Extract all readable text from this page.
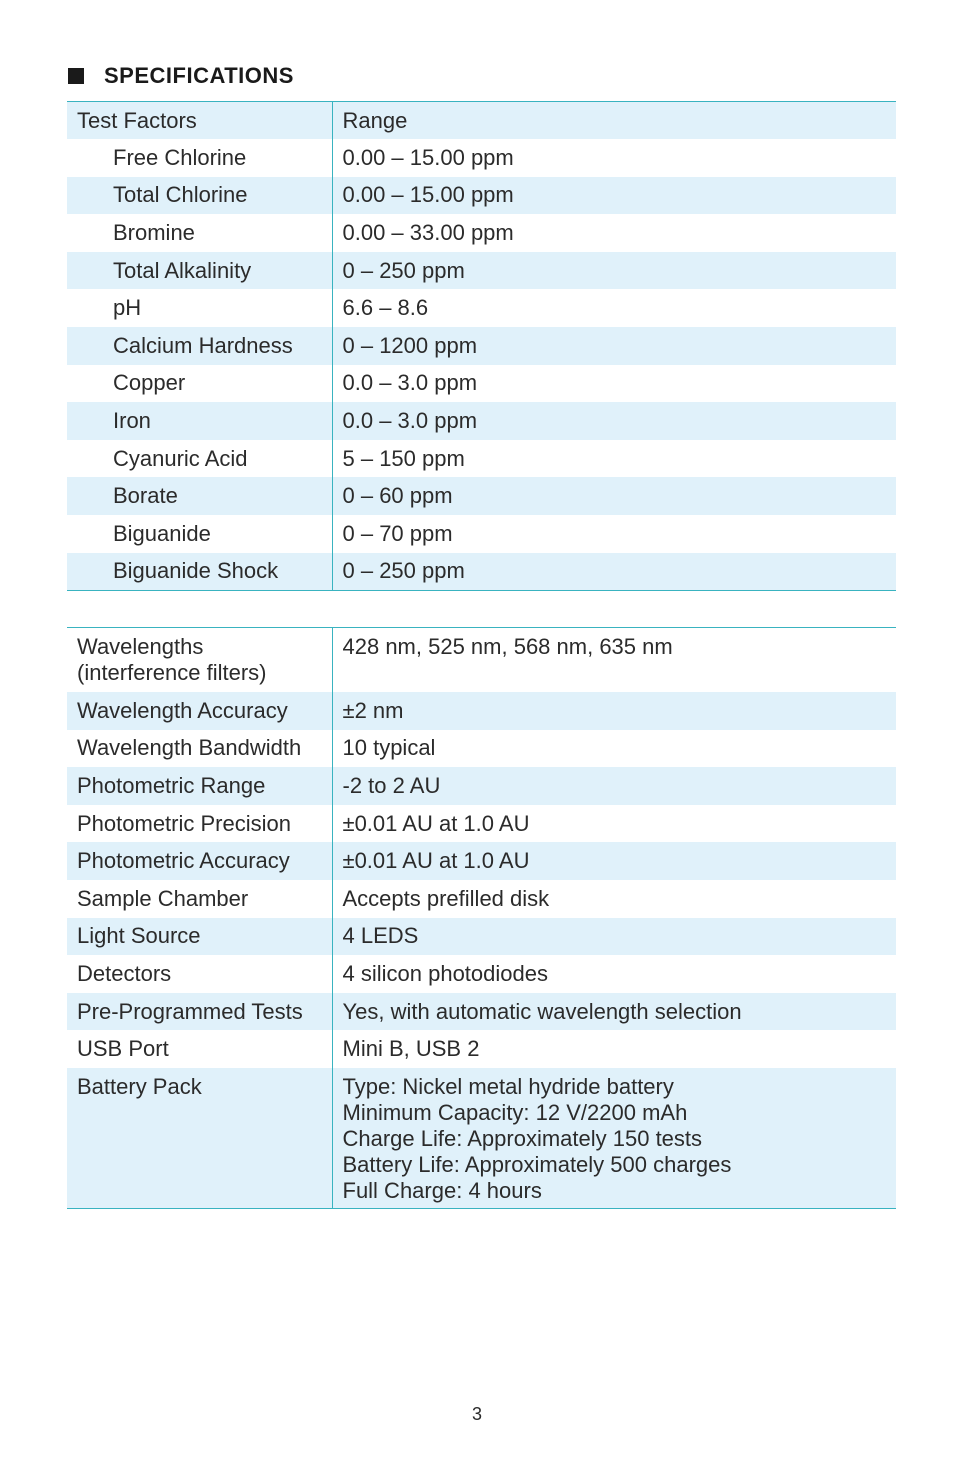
SPECIFICATIONS
Test Factors	Range
Free Chlorine	0.00 – 15.00 ppm
Total Chlorine	0.00 – 15.00 ppm
Bromine	0.00 – 33.00 ppm
Total Alkalinity	0 – 250 ppm
pH	6.6 – 8.6
Calcium Hardness	0 – 1200 ppm
Copper	0.0 – 3.0 ppm
Iron	0.0 – 3.0 ppm
Cyanuric Acid	5 – 150 ppm
Borate	0 – 60 ppm
Biguanide	0 – 70 ppm
Biguanide Shock	0 – 250 ppm
Wavelengths
(interference filters)	428 nm, 525 nm, 568 nm, 635 nm
Wavelength Accuracy	±2 nm
Wavelength Bandwidth	10 typical
Photometric Range	-2 to 2 AU
Photometric Precision	±0.01 AU at 1.0 AU
Photometric Accuracy	±0.01 AU at 1.0 AU
Sample Chamber	Accepts prefilled disk
Light Source	4 LEDS
Detectors	4 silicon photodiodes
Pre-Programmed Tests	Yes, with automatic wavelength selection
USB Port	Mini B, USB 2
Battery Pack	Type: Nickel metal hydride battery
Minimum Capacity: 12 V/2200 mAh
Charge Life: Approximately 150 tests
Battery Life: Approximately 500 charges
Full Charge: 4 hours
3
